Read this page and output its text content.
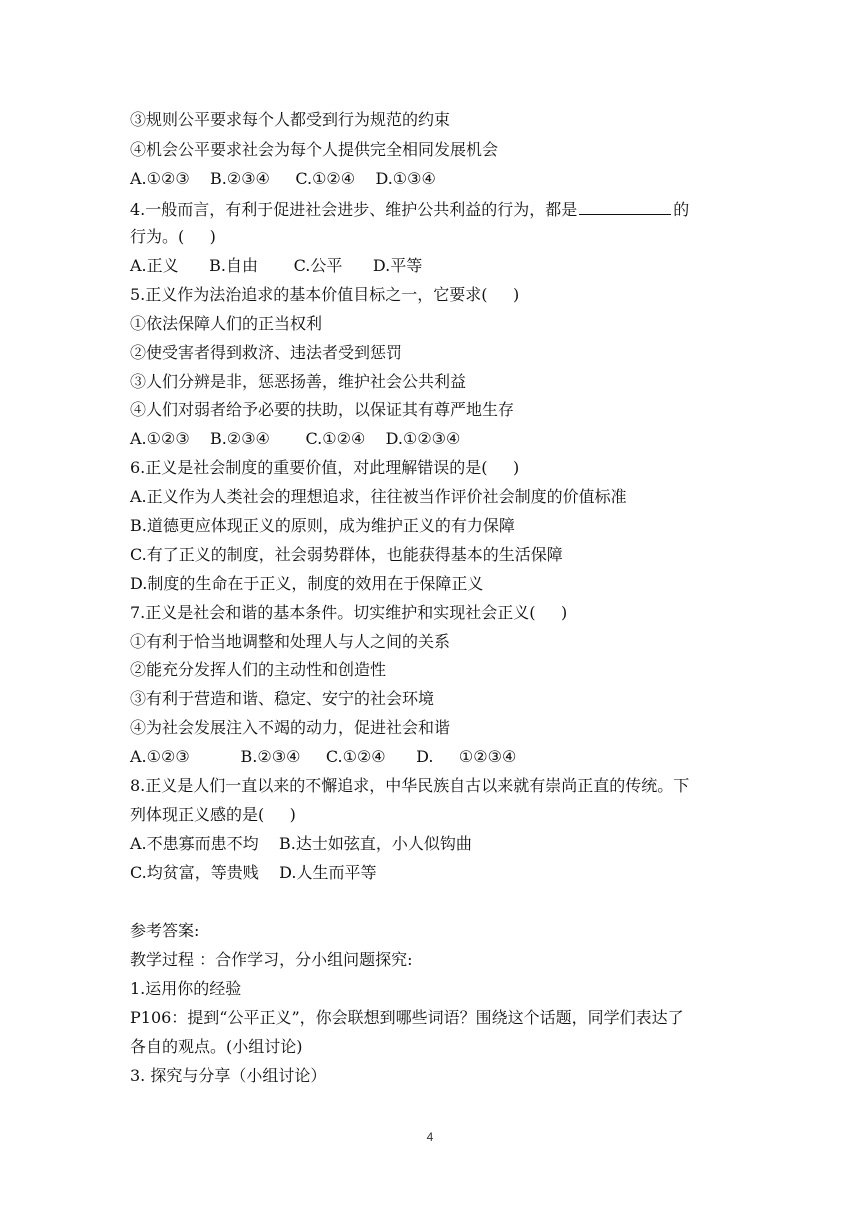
③规则公平要求每个人都受到行为规范的约束
④机会公平要求社会为每个人提供完全相同发展机会
A.①②③    B.②③④     C.①②④    D.①③④
4.一般而言，有利于促进社会进步、维护公共利益的行为，都是	的
行为。(     )
A.正义      B.自由       C.公平      D.平等
5.正义作为法治追求的基本价值目标之一，它要求(     )
①依法保障人们的正当权利
②使受害者得到救济、违法者受到惩罚
③人们分辨是非，惩恶扬善，维护社会公共利益
④人们对弱者给予必要的扶助，以保证其有尊严地生存
A.①②③    B.②③④       C.①②④    D.①②③④
6.正义是社会制度的重要价值，对此理解错误的是(     )
A.正义作为人类社会的理想追求，往往被当作评价社会制度的价值标准
B.道德更应体现正义的原则，成为维护正义的有力保障
C.有了正义的制度，社会弱势群体，也能获得基本的生活保障
D.制度的生命在于正义，制度的效用在于保障正义
7.正义是社会和谐的基本条件。切实维护和实现社会正义(     )
①有利于恰当地调整和处理人与人之间的关系
②能充分发挥人们的主动性和创造性
③有利于营造和谐、稳定、安宁的社会环境
④为社会发展注入不竭的动力，促进社会和谐
A.①②③          B.②③④     C.①②④      D.     ①②③④
8.正义是人们一直以来的不懈追求，中华民族自古以来就有崇尚正直的传统。下
列体现正义感的是(     )
A.不患寡而患不均    B.达士如弦直，小人似钩曲
C.均贫富，等贵贱    D.人生而平等
参考答案:
教学过程 ：合作学习，分小组问题探究:
1.运用你的经验
P106：提到“公平正义”，你会联想到哪些词语？围绕这个话题，同学们表达了
各自的观点。(小组讨论)
3. 探究与分享（小组讨论）
4
